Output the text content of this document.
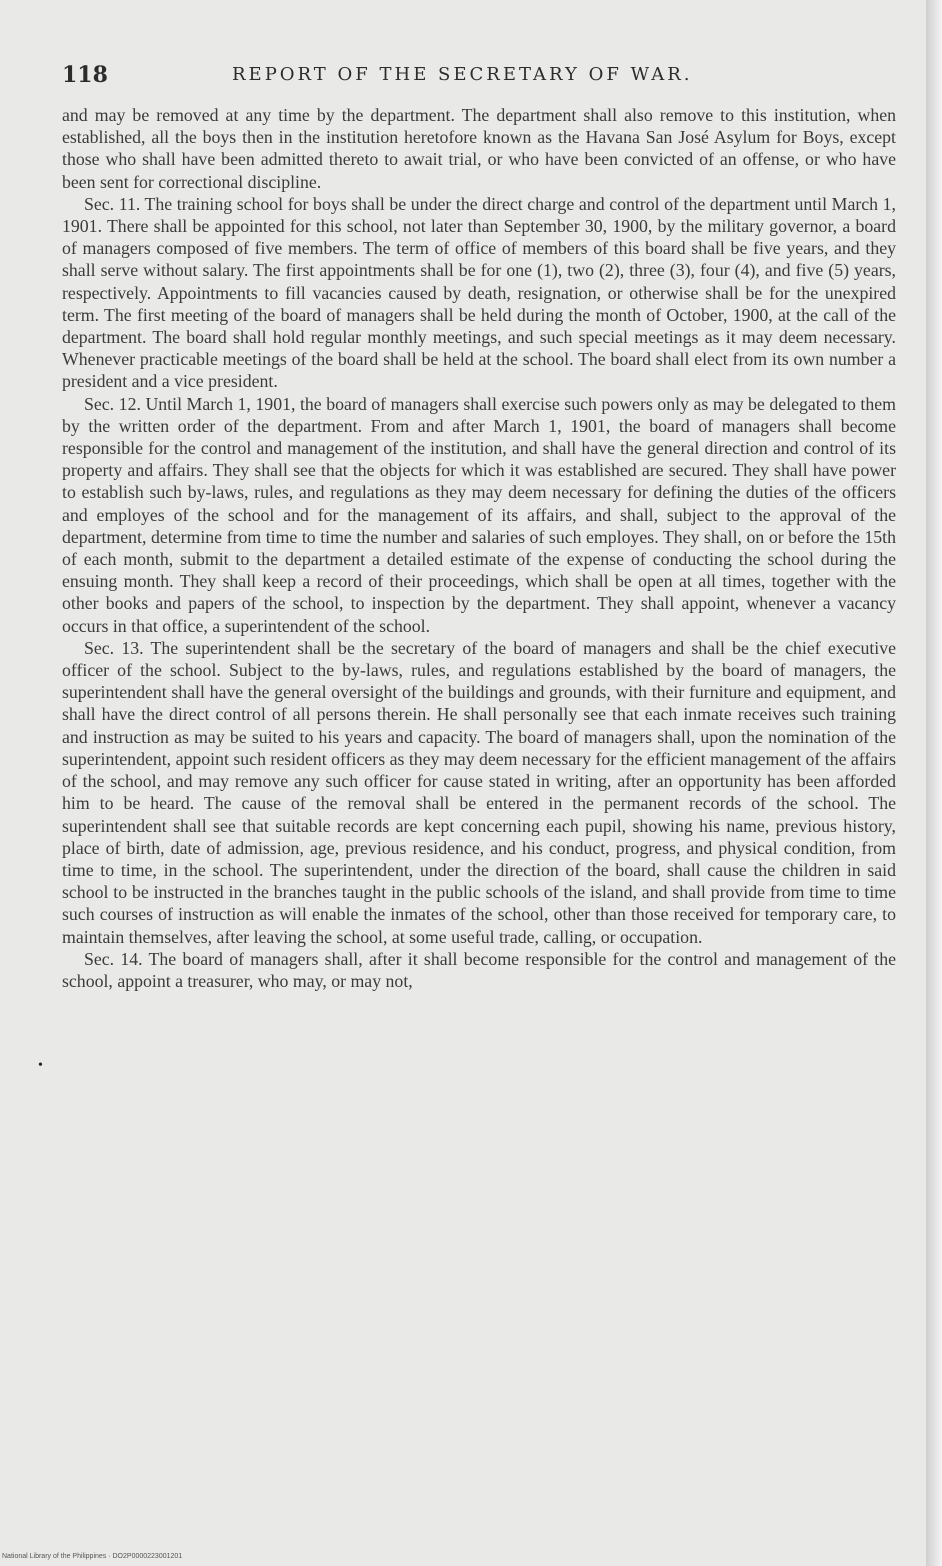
118	REPORT OF THE SECRETARY OF WAR.

and may be removed at any time by the department. The department shall also remove to this institution, when established, all the boys then in the institution heretofore known as the Havana San José Asylum for Boys, except those who shall have been admitted thereto to await trial, or who have been convicted of an offense, or who have been sent for correctional discipline.

Sec. 11. The training school for boys shall be under the direct charge and control of the department until March 1, 1901. There shall be appointed for this school, not later than September 30, 1900, by the military governor, a board of managers composed of five members. The term of office of members of this board shall be five years, and they shall serve without salary. The first appointments shall be for one (1), two (2), three (3), four (4), and five (5) years, respectively. Appointments to fill vacancies caused by death, resignation, or otherwise shall be for the unexpired term. The first meeting of the board of managers shall be held during the month of October, 1900, at the call of the department. The board shall hold regular monthly meetings, and such special meetings as it may deem necessary. Whenever practicable meetings of the board shall be held at the school. The board shall elect from its own number a president and a vice president.

Sec. 12. Until March 1, 1901, the board of managers shall exercise such powers only as may be delegated to them by the written order of the department. From and after March 1, 1901, the board of managers shall become responsible for the control and management of the institution, and shall have the general direction and control of its property and affairs. They shall see that the objects for which it was established are secured. They shall have power to establish such by-laws, rules, and regulations as they may deem necessary for defining the duties of the officers and employes of the school and for the management of its affairs, and shall, subject to the approval of the department, determine from time to time the number and salaries of such employes. They shall, on or before the 15th of each month, submit to the department a detailed estimate of the expense of conducting the school during the ensuing month. They shall keep a record of their proceedings, which shall be open at all times, together with the other books and papers of the school, to inspection by the department. They shall appoint, whenever a vacancy occurs in that office, a superintendent of the school.

Sec. 13. The superintendent shall be the secretary of the board of managers and shall be the chief executive officer of the school. Subject to the by-laws, rules, and regulations established by the board of managers, the superintendent shall have the general oversight of the buildings and grounds, with their furniture and equipment, and shall have the direct control of all persons therein. He shall personally see that each inmate receives such training and instruction as may be suited to his years and capacity. The board of managers shall, upon the nomination of the superintendent, appoint such resident officers as they may deem necessary for the efficient management of the affairs of the school, and may remove any such officer for cause stated in writing, after an opportunity has been afforded him to be heard. The cause of the removal shall be entered in the permanent records of the school. The superintendent shall see that suitable records are kept concerning each pupil, showing his name, previous history, place of birth, date of admission, age, previous residence, and his conduct, progress, and physical condition, from time to time, in the school. The superintendent, under the direction of the board, shall cause the children in said school to be instructed in the branches taught in the public schools of the island, and shall provide from time to time such courses of instruction as will enable the inmates of the school, other than those received for temporary care, to maintain themselves, after leaving the school, at some useful trade, calling, or occupation.

Sec. 14. The board of managers shall, after it shall become responsible for the control and management of the school, appoint a treasurer, who may, or may not,

•
National Library of the Philippines · DO2P0000223001201
